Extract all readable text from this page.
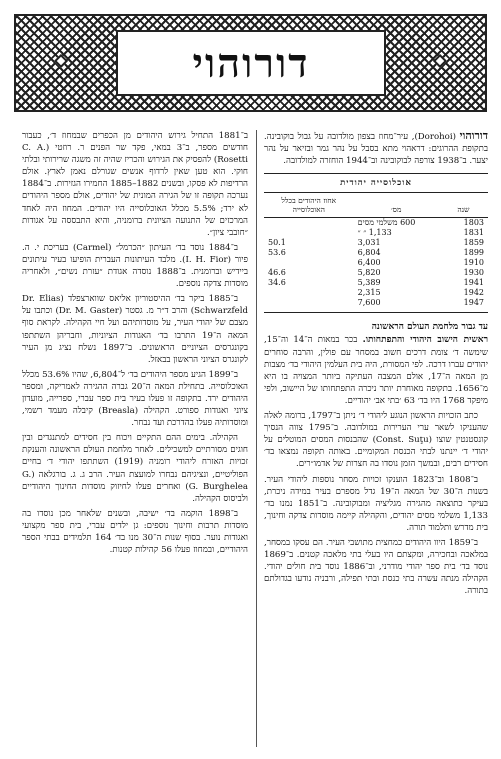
דורוהוי
דורוהוי (Dorohoi), עיר־מחוז בצפון מולדובה על גבול בוקובינה. בתקופת ההרוגים: דראהוי מתא בסבל על נהר גמר ובזיאר על נהר יצער. ב־1938 צורפה לבוקובינה וב־1944 הוחזרה למולדובה.
אוכלוסייה יהודית
שנה	מס׳	אחוז היהודים בכלל האוכלוסייה
1803	600 משלמי מסים	
1831	1,133 ״ ״	
1859	3,031	50.1
1899	6,804	53.6
1910	6,400	
1930	5,820	46.6
1941	5,389	34.6
1942	2,315	
1947	7,600	
עד גבור מלחמת העולם הראשונה
ראשית הישוב היהודי והתפתחותו. בכר במאות ה־14 וה־15, שימשה ד׳ צומת דרכים חשוב במסחר עם פולין, והרבה סוחרים יהודים עברו דרכה. לפי המסורת, היה בית העלמין היהודי בד׳ מצבות מן המאה ה־17, אולם המצבה העתיקה ביותר המצויה בו היא מ־1656. בתקופה מאוחרת יותר ניכרה התפתחותו של היישוב, ולפי מיפקד 1768 היו בד׳ 63 ׳בתי אב׳ יהודיים.
כתב הזכויות הראשון הנוגע ליהודי ד׳ ניתן ב־1797, ברומה לאלה שהעניקו לשאר ערי הערירות במולדובה. ב־1795 צווה הנסיך קונסטנטין שוצו (Const. Suţu) שהבנסות המסים המוטלים על יהודי ד׳ יינתנו לבתי הכנסת המקומיים. באותה תקופה נמצאו בד׳ חסידים רבים, ובמשך הזמן נוסדו בה חצרות של אדמו״רים.
ב־1808 וב־1823 הוענקו זכויות מסחר נוספות ליהודי העיר. בשנות ה־30 של המאה ה־19 גדל מספרם בעיר במידה ניכרת, בעיקר כתוצאה מהגירה מגליציה ומבוקובינה. ב־1851 נמנו בד׳ 1,133 משלמי מסים יהודים, והקהילה קיימה מוסדות צדקה וחינוך, בית מדרש ותלמוד תורה.
ב־1859 היוו היהודים כמחצית מתושבי העיר. הם עסקו במסחר, במלאכה ובחכירה, ומקצתם היו בעלי בתי מלאכה קטנים. ב־1869 נוסד בד׳ בית ספר יהודי מודרני, וב־1886 נוסד בית חולים יהודי. הקהילה מנתה עשרה בתי כנסת ובתי תפילה, ורבניה נודעו בגדולתם בתורה.
ב־1881 התחיל גירוש היהודים מן הכפרים שבמחוז ד׳, כעבור חודשים מספר, ב־3 במאי, פקד שר הפנים ר. רוזטי (C. A. Rosetti) להפסיק את הגירוש והכריז שהיה זה משגה שרירותי ובלתי חוקי. הוא טען שאין לרדוף אנשים שגורלם נאמן לארץ. אולם הרדיפות לא פסקו, ובשנים 1882–1885 החמירו הגזירות. ב־1884 נערכה תקופה זו של הגירה המונית של יהודים, אולם מספר היהודים לא ירד; 5.5% מכלל האוכלוסייה היו יהודים. המחוז היה לאחד המרכזים של התנועה הציונית ברומניה, והיא התבססה על אגודות ״חובבי ציון״.
ב־1884 נוסד בד׳ העיתון ״הכרמל״ (Carmel) בעריכת י. ה. פיור (I. H. Fior). מלבד העיתונות העברית הופיעו בעיר עיתונים ביידיש וברומנית. ב־1888 נוסדה אגודת ״עזרת נשים״, ולאחריה מוסדות צדקה נוספים.
ב־1885 ביקר בד׳ ההיסטוריון אליאס שווארצפלד (Dr. Elias Schwarzfeld) והרב ד״ר מ. גסטר (Dr. M. Gaster) וכתבו על מצבם של יהודי העיר, על מוסדותיהם ועל חיי הקהילה. לקראת סוף המאה ה־19 התרבו בד׳ האגודות הציוניות, וחבריהן השתתפו בקונגרסים הציוניים הראשונים. ב־1897 נשלח נציג מן העיר לקונגרס הציוני הראשון בבאזל.
ב־1899 הגיע מספר היהודים בד׳ ל־6,804, שהיו 53.6% מכלל האוכלוסייה. בתחילת המאה ה־20 גברה ההגירה לאמריקה, ומספר היהודים ירד. בתקופה זו פעלו בעיר בית ספר עברי, ספרייה, מועדון ציוני ואגודות ספורט. הקהילה (Breasla) קיבלה מעמד רשמי, ומוסדותיה פעלו בהדרכת ועד נבחר.
הקהילה. בימים ההם התקיים ויכוח בין חסידים למתנגדים ובין חוגים מסורתיים למשכילים. לאחר מלחמת העולם הראשונה והענקת זכויות האזרח ליהודי רומניה (1919) השתתפו יהודי ד׳ בחיים הפוליטיים, ונציגיהם נבחרו למועצת העיר. הרב ג. ג. בורגלאה (G. G. Burghelea) ואחרים פעלו לחיזוק מוסדות החינוך היהודיים ולביסוס הקהילה.
ב־1898 הוקמה בד׳ ישיבה, ובשנים שלאחר מכן נוסדו בה מוסדות תרבות וחינוך נוספים: גן ילדים עברי, בית ספר מקצועי ואגודות נוער. בסוף שנות ה־30 מנו בד׳ 164 תלמידים בבתי הספר היהודיים, ובמחוז פעלו 56 קהילות קטנות.
